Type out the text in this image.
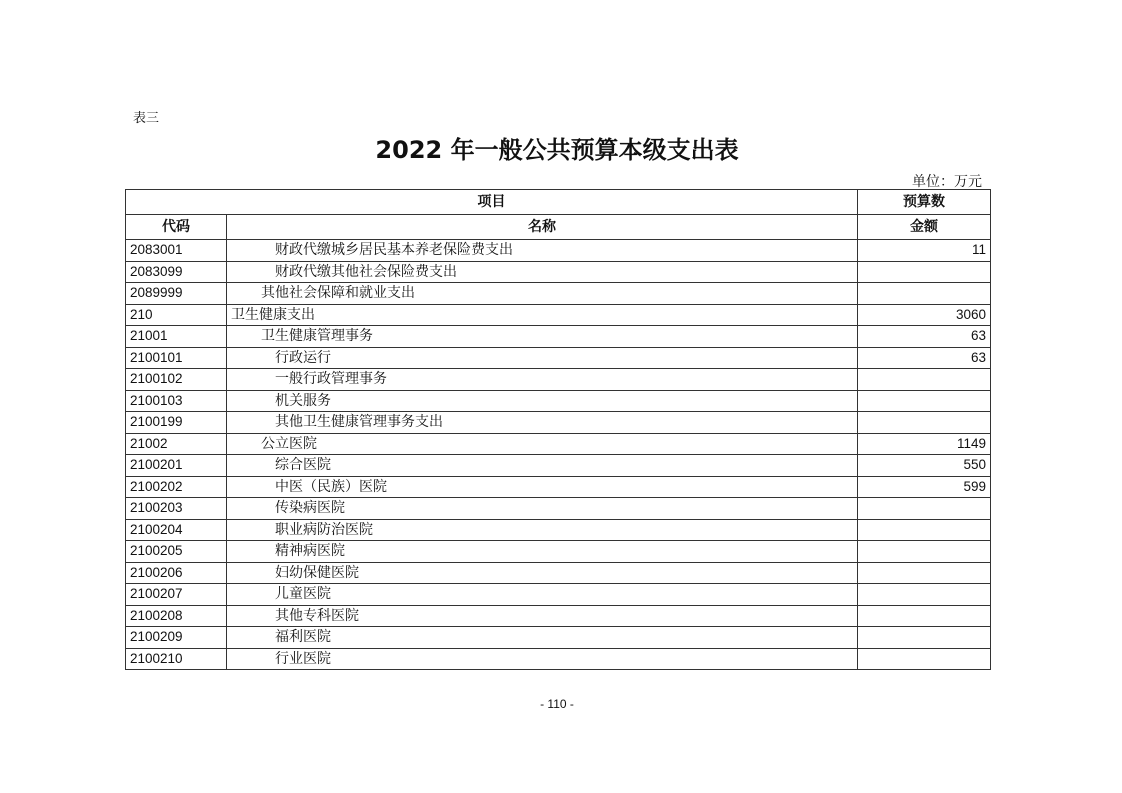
表三
2022 年一般公共预算本级支出表
单位：万元
项目		预算数
代码	名称	金额
2083001	财政代缴城乡居民基本养老保险费支出	11
2083099	财政代缴其他社会保险费支出	
2089999	其他社会保障和就业支出	
210	卫生健康支出	3060
21001	卫生健康管理事务	63
2100101	行政运行	63
2100102	一般行政管理事务	
2100103	机关服务	
2100199	其他卫生健康管理事务支出	
21002	公立医院	1149
2100201	综合医院	550
2100202	中医（民族）医院	599
2100203	传染病医院	
2100204	职业病防治医院	
2100205	精神病医院	
2100206	妇幼保健医院	
2100207	儿童医院	
2100208	其他专科医院	
2100209	福利医院	
2100210	行业医院	
- 110 -
